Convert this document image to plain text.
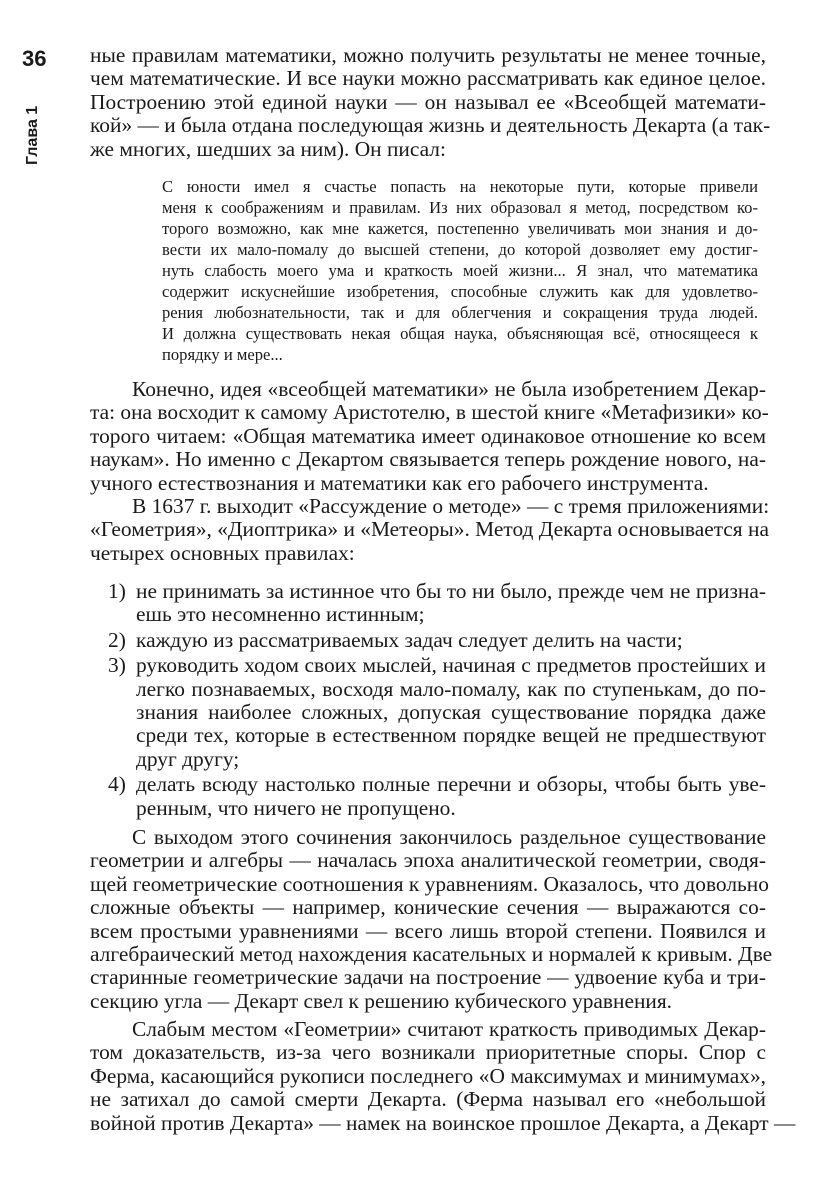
36
Глава 1
ные правилам математики, можно получить результаты не менее точные,
чем математические. И все науки можно рассматривать как единое целое.
Построению этой единой науки — он называл ее «Всеобщей математи-
кой» — и была отдана последующая жизнь и деятельность Декарта (а так-
же многих, шедших за ним). Он писал:
С юности имел я счастье попасть на некоторые пути, которые привели
меня к соображениям и правилам. Из них образовал я метод, посредством ко-
торого возможно, как мне кажется, постепенно увеличивать мои знания и до-
вести их мало-помалу до высшей степени, до которой дозволяет ему достиг-
нуть слабость моего ума и краткость моей жизни... Я знал, что математика
содержит искуснейшие изобретения, способные служить как для удовлетво-
рения любознательности, так и для облегчения и сокращения труда людей.
И должна существовать некая общая наука, объясняющая всё, относящееся к
порядку и мере...
Конечно, идея «всеобщей математики» не была изобретением Декар-
та: она восходит к самому Аристотелю, в шестой книге «Метафизики» ко-
торого читаем: «Общая математика имеет одинаковое отношение ко всем
наукам». Но именно с Декартом связывается теперь рождение нового, на-
учного естествознания и математики как его рабочего инструмента.
В 1637 г. выходит «Рассуждение о методе» — с тремя приложениями:
«Геометрия», «Диоптрика» и «Метеоры». Метод Декарта основывается на
четырех основных правилах:
1) не принимать за истинное что бы то ни было, прежде чем не призна-
ешь это несомненно истинным;
2) каждую из рассматриваемых задач следует делить на части;
3) руководить ходом своих мыслей, начиная с предметов простейших и
легко познаваемых, восходя мало-помалу, как по ступенькам, до по-
знания наиболее сложных, допуская существование порядка даже
среди тех, которые в естественном порядке вещей не предшествуют
друг другу;
4) делать всюду настолько полные перечни и обзоры, чтобы быть уве-
ренным, что ничего не пропущено.
С выходом этого сочинения закончилось раздельное существование
геометрии и алгебры — началась эпоха аналитической геометрии, сводя-
щей геометрические соотношения к уравнениям. Оказалось, что довольно
сложные объекты — например, конические сечения — выражаются со-
всем простыми уравнениями — всего лишь второй степени. Появился и
алгебраический метод нахождения касательных и нормалей к кривым. Две
старинные геометрические задачи на построение — удвоение куба и три-
секцию угла — Декарт свел к решению кубического уравнения.
Слабым местом «Геометрии» считают краткость приводимых Декар-
том доказательств, из-за чего возникали приоритетные споры. Спор с
Ферма, касающийся рукописи последнего «О максимумах и минимумах»,
не затихал до самой смерти Декарта. (Ферма называл его «небольшой
войной против Декарта» — намек на воинское прошлое Декарта, а Декарт —
